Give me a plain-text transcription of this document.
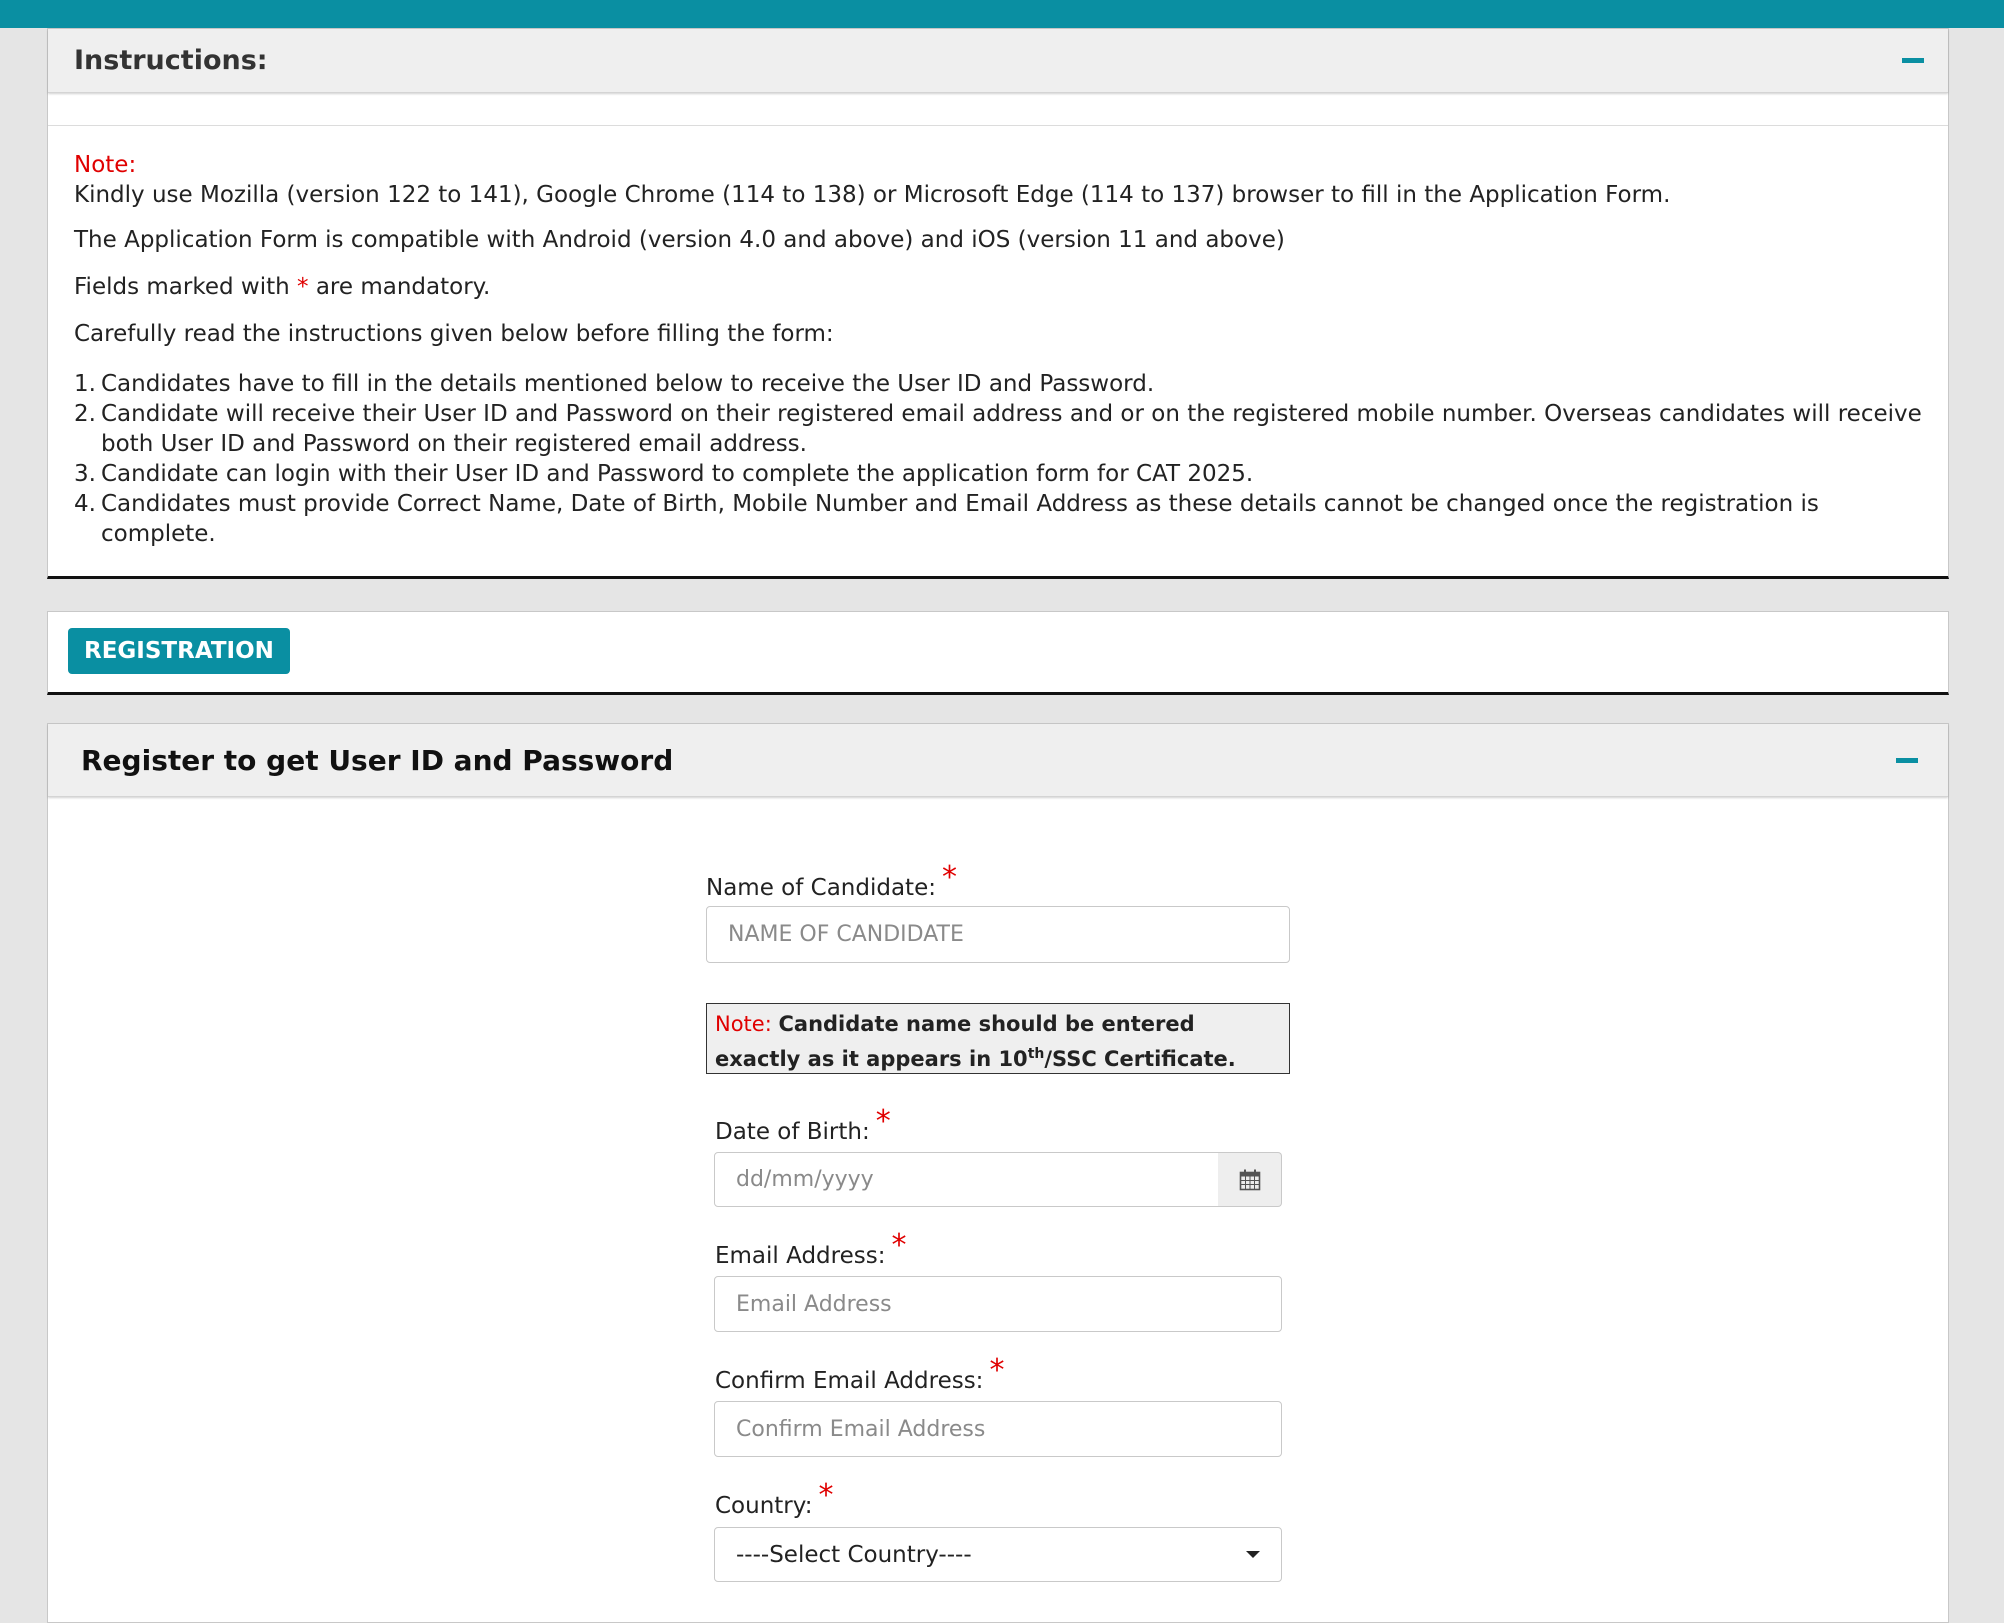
Instructions:
Note:

Kindly use Mozilla (version 122 to 141), Google Chrome (114 to 138) or Microsoft Edge (114 to 137) browser to fill in the Application Form.

The Application Form is compatible with Android (version 4.0 and above) and iOS (version 11 and above)

Fields marked with * are mandatory.

Carefully read the instructions given below before filling the form:

1. Candidates have to fill in the details mentioned below to receive the User ID and Password.
2. Candidate will receive their User ID and Password on their registered email address and or on the registered mobile number. Overseas candidates will receive both User ID and Password on their registered email address.
3. Candidate can login with their User ID and Password to complete the application form for CAT 2025.
4. Candidates must provide Correct Name, Date of Birth, Mobile Number and Email Address as these details cannot be changed once the registration is complete.
REGISTRATION
Register to get User ID and Password
Name of Candidate: *
NAME OF CANDIDATE
Note: Candidate name should be entered exactly as it appears in 10th/SSC Certificate.
Date of Birth: *
dd/mm/yyyy
Email Address: *
Email Address
Confirm Email Address: *
Confirm Email Address
Country: *
----Select Country----
